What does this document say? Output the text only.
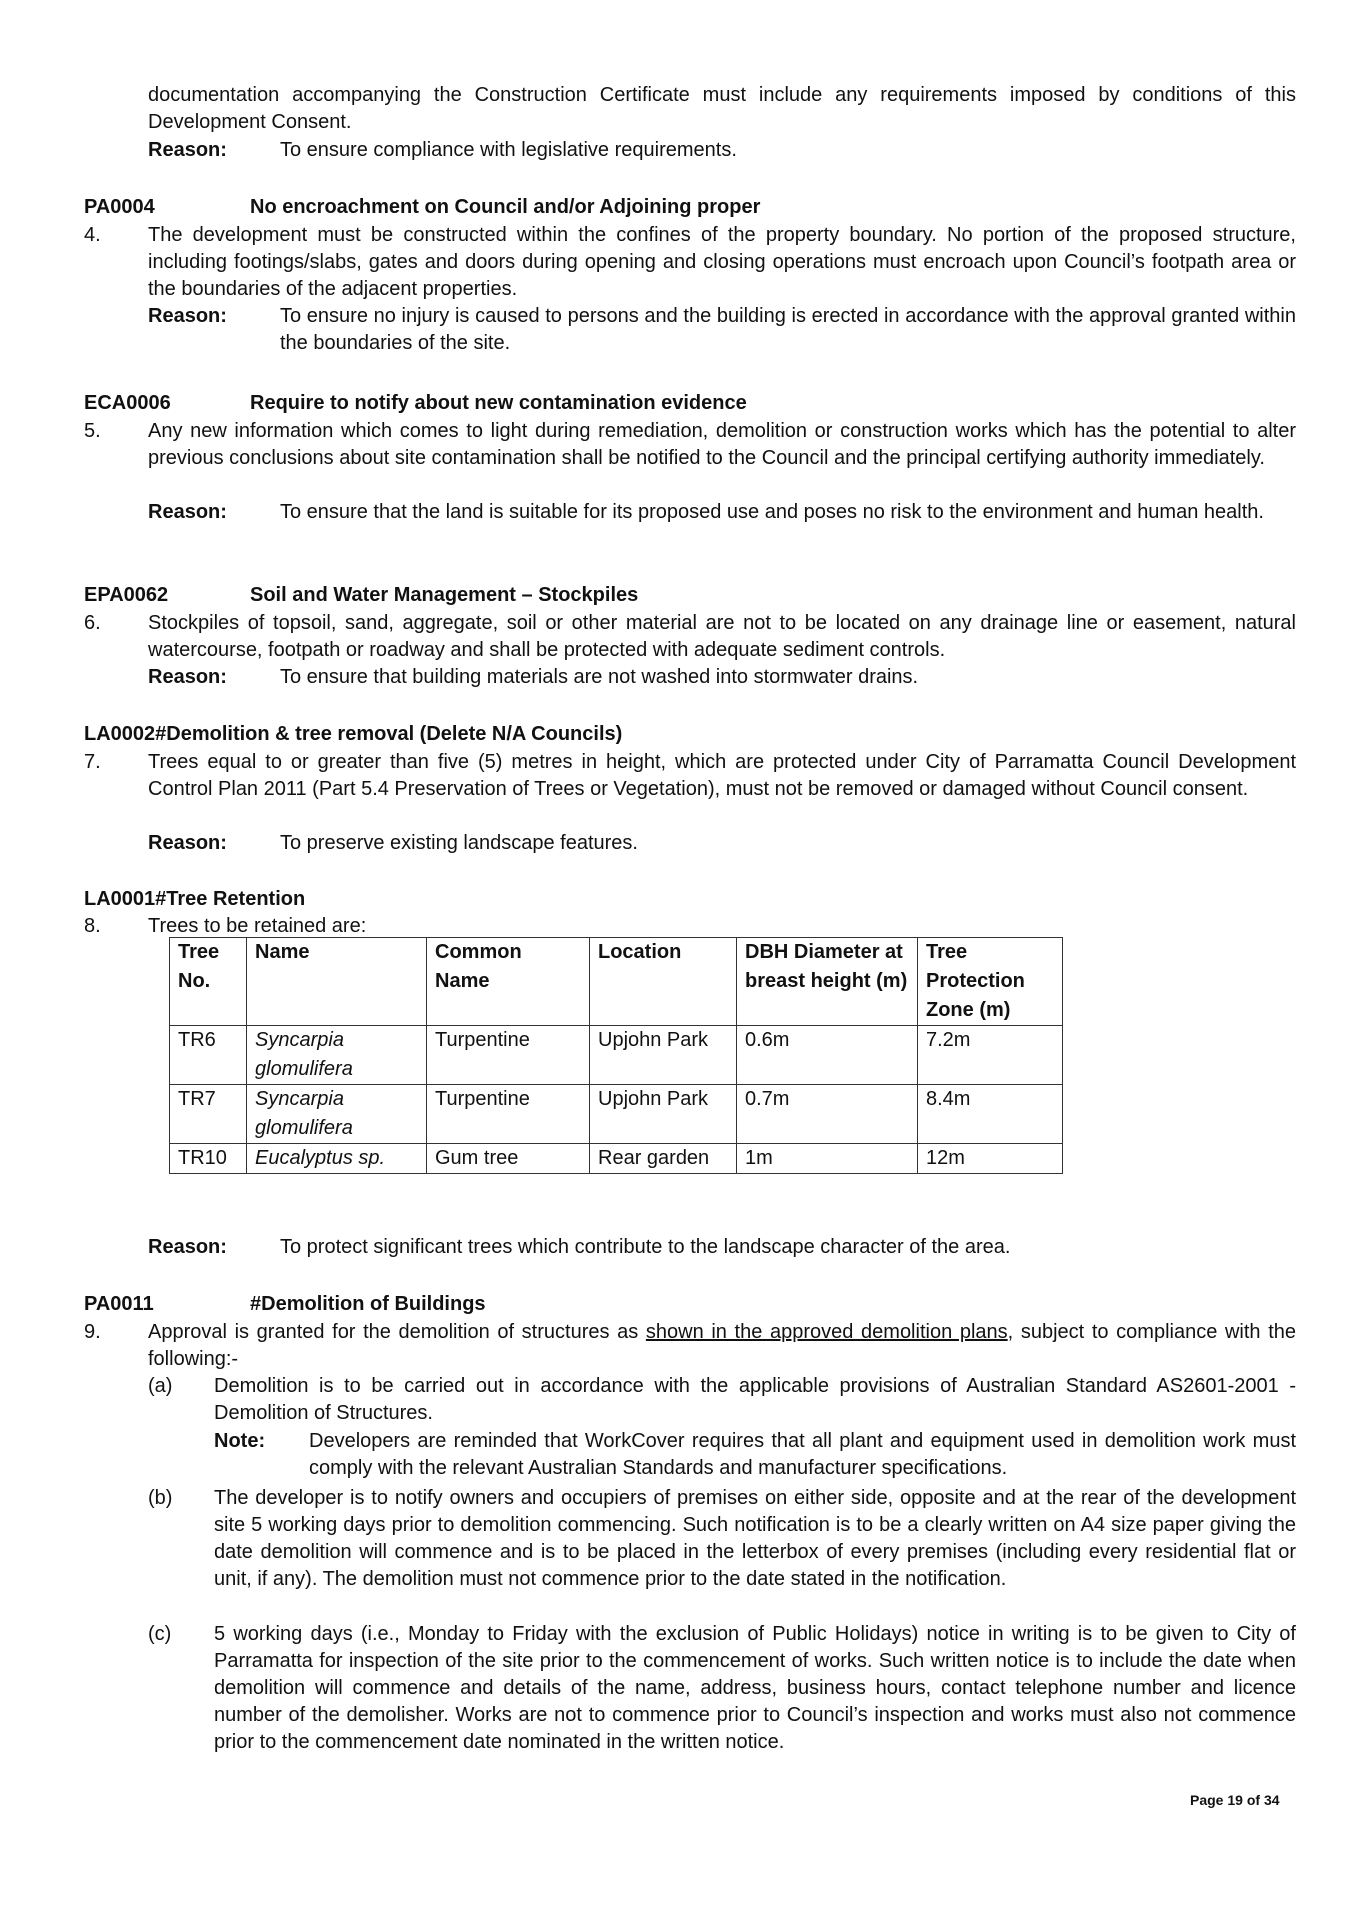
documentation accompanying the Construction Certificate must include any requirements imposed by conditions of this Development Consent.
Reason:	To ensure compliance with legislative requirements.
PA0004	No encroachment on Council and/or Adjoining proper
4. The development must be constructed within the confines of the property boundary. No portion of the proposed structure, including footings/slabs, gates and doors during opening and closing operations must encroach upon Council’s footpath area or the boundaries of the adjacent properties.
Reason:	To ensure no injury is caused to persons and the building is erected in accordance with the approval granted within the boundaries of the site.
ECA0006	Require to notify about new contamination evidence
5. Any new information which comes to light during remediation, demolition or construction works which has the potential to alter previous conclusions about site contamination shall be notified to the Council and the principal certifying authority immediately.
Reason:	To ensure that the land is suitable for its proposed use and poses no risk to the environment and human health.
EPA0062	Soil and Water Management – Stockpiles
6. Stockpiles of topsoil, sand, aggregate, soil or other material are not to be located on any drainage line or easement, natural watercourse, footpath or roadway and shall be protected with adequate sediment controls.
Reason:	To ensure that building materials are not washed into stormwater drains.
LA0002#Demolition & tree removal (Delete N/A Councils)
7. Trees equal to or greater than five (5) metres in height, which are protected under City of Parramatta Council Development Control Plan 2011 (Part 5.4 Preservation of Trees or Vegetation), must not be removed or damaged without Council consent.
Reason:	To preserve existing landscape features.
LA0001#Tree Retention
8. Trees to be retained are:
Tree No.	Name	Common Name	Location	DBH Diameter at breast height (m)	Tree Protection Zone (m)
TR6	Syncarpia glomulifera	Turpentine	Upjohn Park	0.6m	7.2m
TR7	Syncarpia glomulifera	Turpentine	Upjohn Park	0.7m	8.4m
TR10	Eucalyptus sp.	Gum tree	Rear garden	1m	12m
Reason:	To protect significant trees which contribute to the landscape character of the area.
PA0011	#Demolition of Buildings
9. Approval is granted for the demolition of structures as shown in the approved demolition plans, subject to compliance with the following:-
(a) Demolition is to be carried out in accordance with the applicable provisions of Australian Standard AS2601-2001 - Demolition of Structures.
Note: Developers are reminded that WorkCover requires that all plant and equipment used in demolition work must comply with the relevant Australian Standards and manufacturer specifications.
(b) The developer is to notify owners and occupiers of premises on either side, opposite and at the rear of the development site 5 working days prior to demolition commencing. Such notification is to be a clearly written on A4 size paper giving the date demolition will commence and is to be placed in the letterbox of every premises (including every residential flat or unit, if any). The demolition must not commence prior to the date stated in the notification.
(c) 5 working days (i.e., Monday to Friday with the exclusion of Public Holidays) notice in writing is to be given to City of Parramatta for inspection of the site prior to the commencement of works. Such written notice is to include the date when demolition will commence and details of the name, address, business hours, contact telephone number and licence number of the demolisher. Works are not to commence prior to Council’s inspection and works must also not commence prior to the commencement date nominated in the written notice.
Page 19 of 34
